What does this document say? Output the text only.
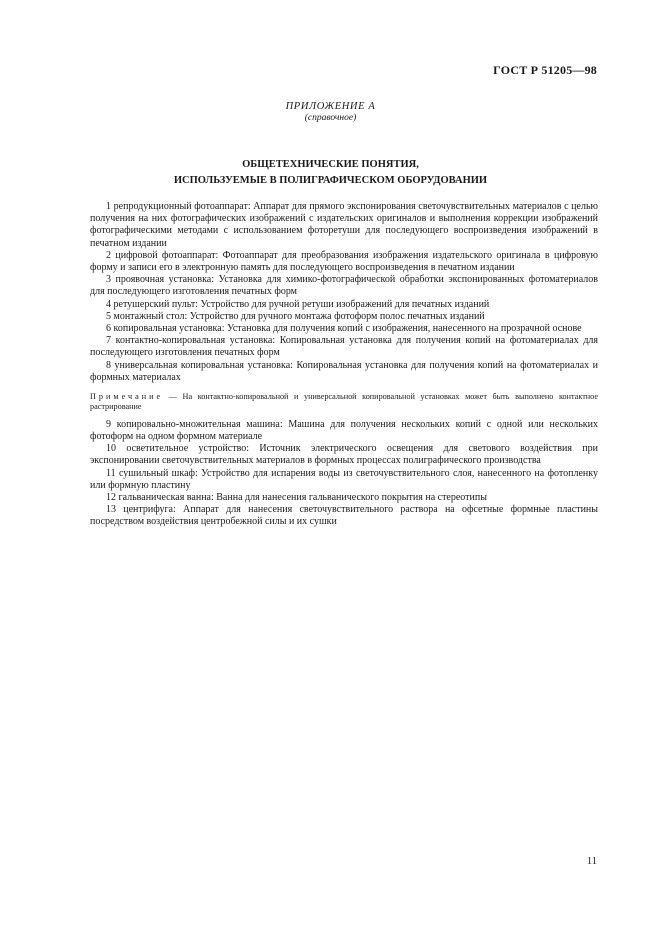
ГОСТ Р 51205—98
ПРИЛОЖЕНИЕ А
(справочное)
ОБЩЕТЕХНИЧЕСКИЕ ПОНЯТИЯ,
ИСПОЛЬЗУЕМЫЕ В ПОЛИГРАФИЧЕСКОМ ОБОРУДОВАНИИ

1 репродукционный фотоаппарат: Аппарат для прямого экспонирования светочувствительных материалов с целью получения на них фотографических изображений с издательских оригиналов и выполнения коррекции изображений фотографическими методами с использованием фоторетуши для последующего воспроизведения изображений в печатном издании

2 цифровой фотоаппарат: Фотоаппарат для преобразования изображения издательского оригинала в цифровую форму и записи его в электронную память для последующего воспроизведения в печатном издании

3 проявочная установка: Установка для химико-фотографической обработки экспонированных фотоматериалов для последующего изготовления печатных форм

4 ретушерский пульт: Устройство для ручной ретуши изображений для печатных изданий

5 монтажный стол: Устройство для ручного монтажа фотоформ полос печатных изданий

6 копировальная установка: Установка для получения копий с изображения, нанесенного на прозрачной основе

7 контактно-копировальная установка: Копировальная установка для получения копий на фотоматериалах для последующего изготовления печатных форм

8 универсальная копировальная установка: Копировальная установка для получения копий на фотоматериалах и формных материалах

Примечание — На контактно-копировальной и универсальной копировальной установках может быть выполнено контактное растрирование

9 копировально-множительная машина: Машина для получения нескольких копий с одной или нескольких фотоформ на одном формном материале

10 осветительное устройство: Источник электрического освещения для светового воздействия при экспонировании светочувствительных материалов в формных процессах полиграфического производства

11 сушильный шкаф: Устройство для испарения воды из светочувствительного слоя, нанесенного на фотопленку или формную пластину

12 гальваническая ванна: Ванна для нанесения гальванического покрытия на стереотипы

13 центрифуга: Аппарат для нанесения светочувствительного раствора на офсетные формные пластины посредством воздействия центробежной силы и их сушки

11
